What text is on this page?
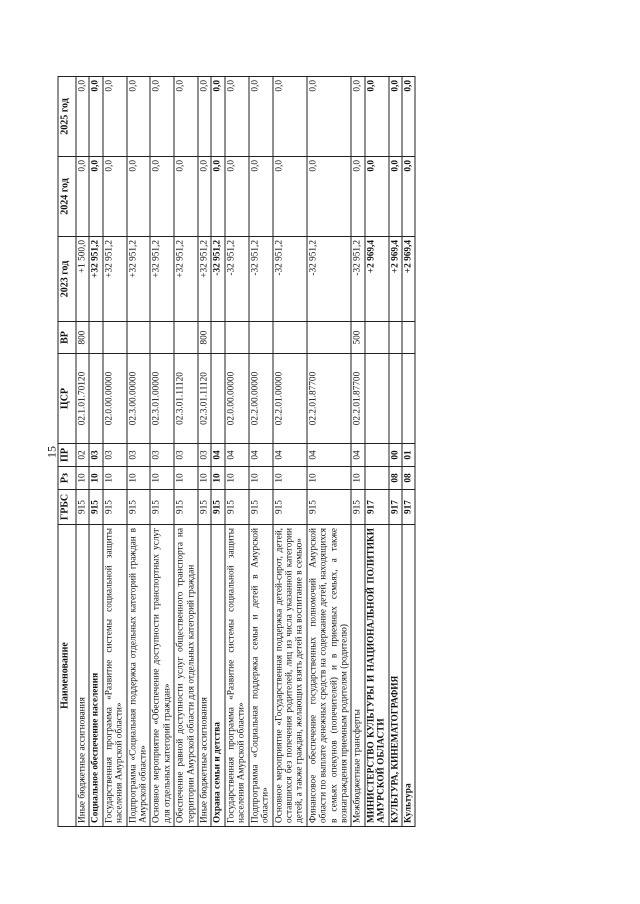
15
Наименование	ГРБС	Рз	ПР	ЦСР	ВР	2023 год	2024 год	2025 год
Иные бюджетные ассигнования	915	10	02	02.1.01.70120	800	+1 500,0	0,0	0,0
Социальное обеспечение населения	915	10	03			+32 951,2	0,0	0,0
Государственная программа «Развитие системы социальной защиты населения Амурской области»	915	10	03	02.0.00.00000		+32 951,2	0,0	0,0
Подпрограмма «Социальная поддержка отдельных категорий граждан в Амурской области»	915	10	03	02.3.00.00000		+32 951,2	0,0	0,0
Основное мероприятие «Обеспечение доступности транспортных услуг для отдельных категорий граждан»	915	10	03	02.3.01.00000		+32 951,2	0,0	0,0
Обеспечение равной доступности услуг общественного транспорта на территории Амурской области для отдельных категорий граждан	915	10	03	02.3.01.11120		+32 951,2	0,0	0,0
Иные бюджетные ассигнования	915	10	03	02.3.01.11120	800	+32 951,2	0,0	0,0
Охрана семьи и детства	915	10	04			-32 951,2	0,0	0,0
Государственная программа «Развитие системы социальной защиты населения Амурской области»	915	10	04	02.0.00.00000		-32 951,2	0,0	0,0
Подпрограмма «Социальная поддержка семьи и детей в Амурской области»	915	10	04	02.2.00.00000		-32 951,2	0,0	0,0
Основное мероприятие «Государственная поддержка детей-сирот, детей, оставшихся без попечения родителей, лиц из числа указанной категории детей, а также граждан, желающих взять детей на воспитание в семью»	915	10	04	02.2.01.00000		-32 951,2	0,0	0,0
Финансовое обеспечение государственных полномочий Амурской области по выплате денежных средств на содержание детей, находящихся в семьях опекунов (попечителей) и в приемных семьях, а также вознаграждения приемным родителям (родителю)	915	10	04	02.2.01.87700		-32 951,2	0,0	0,0
Межбюджетные трансферты	915	10	04	02.2.01.87700	500	-32 951,2	0,0	0,0
МИНИСТЕРСТВО КУЛЬТУРЫ И НАЦИОНАЛЬНОЙ ПОЛИТИКИ АМУРСКОЙ ОБЛАСТИ	917					+2 969,4	0,0	0,0
КУЛЬТУРА, КИНЕМАТОГРАФИЯ	917	08	00			+2 969,4	0,0	0,0
Культура	917	08	01			+2 969,4	0,0	0,0
